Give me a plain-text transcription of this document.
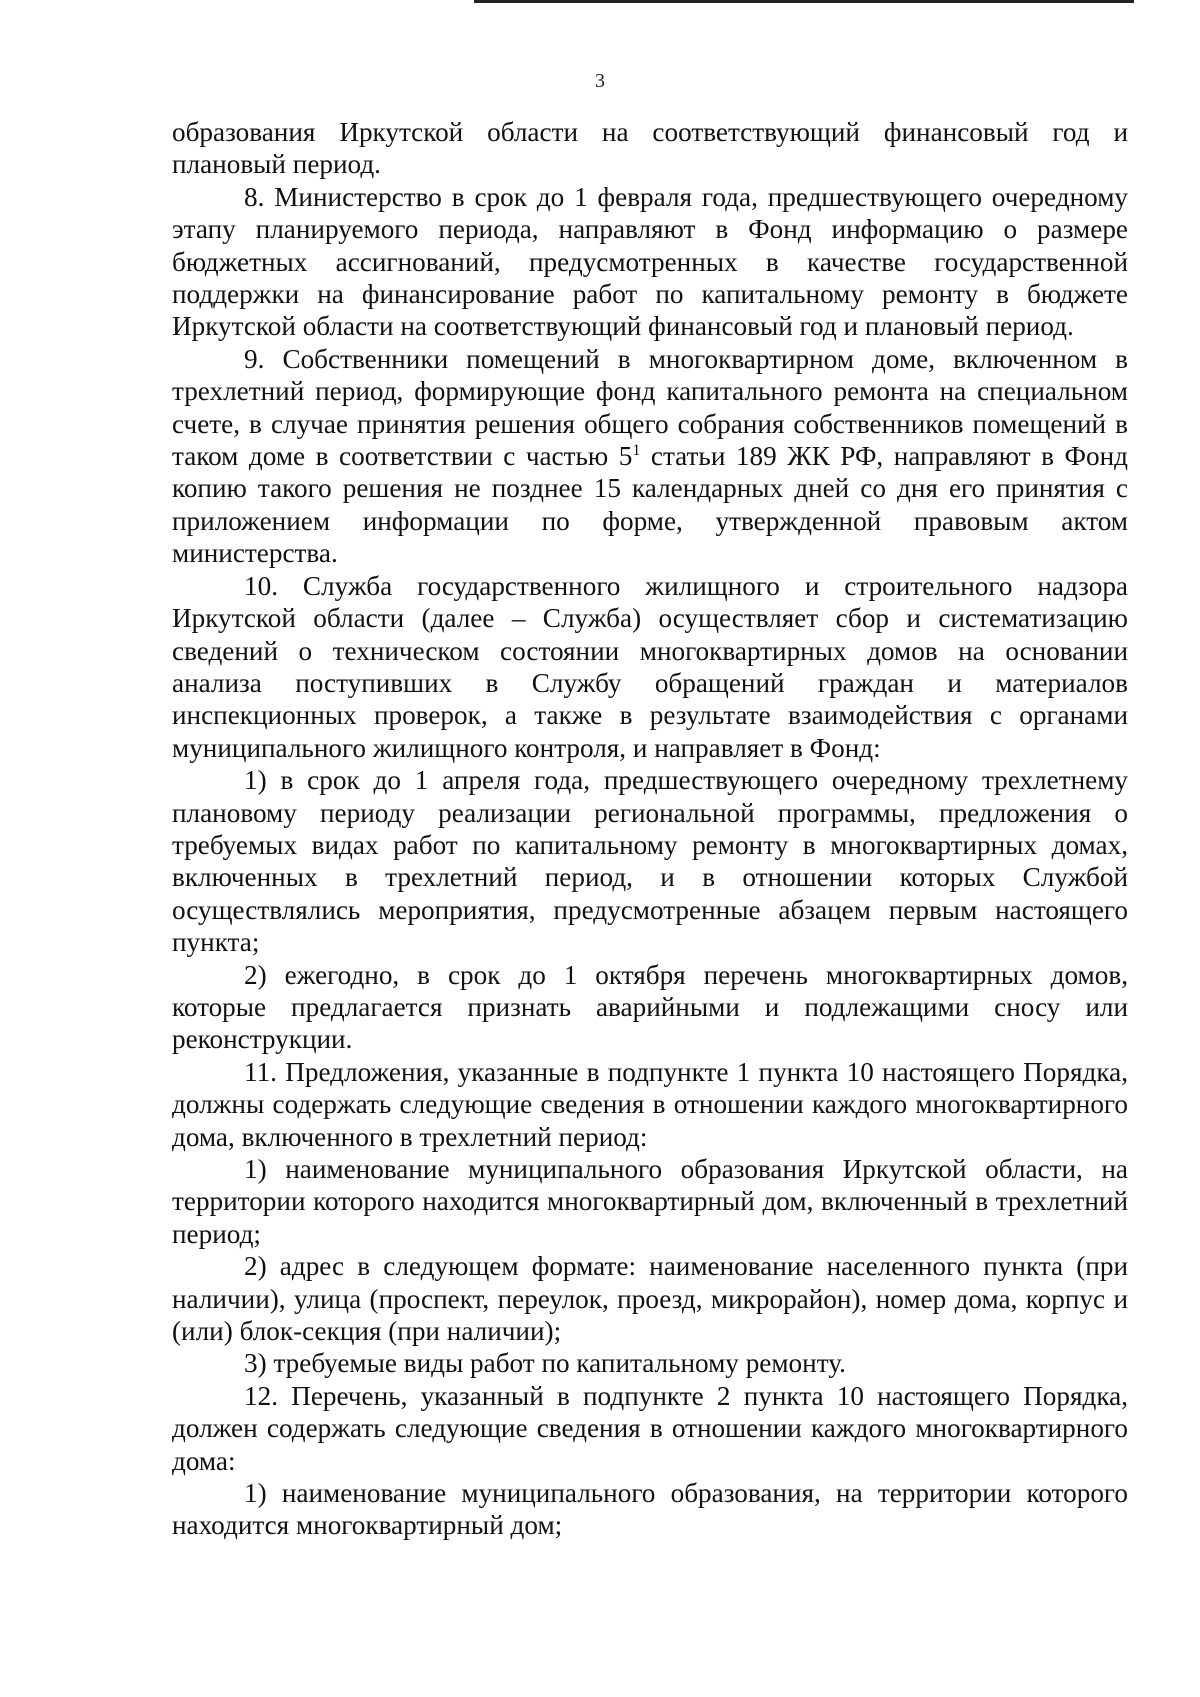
3

образования Иркутской области на соответствующий финансовый год и плановый период.

8. Министерство в срок до 1 февраля года, предшествующего очередному этапу планируемого периода, направляют в Фонд информацию о размере бюджетных ассигнований, предусмотренных в качестве государственной поддержки на финансирование работ по капитальному ремонту в бюджете Иркутской области на соответствующий финансовый год и плановый период.

9. Собственники помещений в многоквартирном доме, включенном в трехлетний период, формирующие фонд капитального ремонта на специальном счете, в случае принятия решения общего собрания собственников помещений в таком доме в соответствии с частью $5^1$ статьи 189 ЖК РФ, направляют в Фонд копию такого решения не позднее 15 календарных дней со дня его принятия с приложением информации по форме, утвержденной правовым актом министерства.

10. Служба государственного жилищного и строительного надзора Иркутской области (далее – Служба) осуществляет сбор и систематизацию сведений о техническом состоянии многоквартирных домов на основании анализа поступивших в Службу обращений граждан и материалов инспекционных проверок, а также в результате взаимодействия с органами муниципального жилищного контроля, и направляет в Фонд:

1) в срок до 1 апреля года, предшествующего очередному трехлетнему плановому периоду реализации региональной программы, предложения о требуемых видах работ по капитальному ремонту в многоквартирных домах, включенных в трехлетний период, и в отношении которых Службой осуществлялись мероприятия, предусмотренные абзацем первым настоящего пункта;

2) ежегодно, в срок до 1 октября перечень многоквартирных домов, которые предлагается признать аварийными и подлежащими сносу или реконструкции.

11. Предложения, указанные в подпункте 1 пункта 10 настоящего Порядка, должны содержать следующие сведения в отношении каждого многоквартирного дома, включенного в трехлетний период:

1) наименование муниципального образования Иркутской области, на территории которого находится многоквартирный дом, включенный в трехлетний период;

2) адрес в следующем формате: наименование населенного пункта (при наличии), улица (проспект, переулок, проезд, микрорайон), номер дома, корпус и (или) блок-секция (при наличии);

3) требуемые виды работ по капитальному ремонту.

12. Перечень, указанный в подпункте 2 пункта 10 настоящего Порядка, должен содержать следующие сведения в отношении каждого многоквартирного дома:

1) наименование муниципального образования, на территории которого находится многоквартирный дом;
